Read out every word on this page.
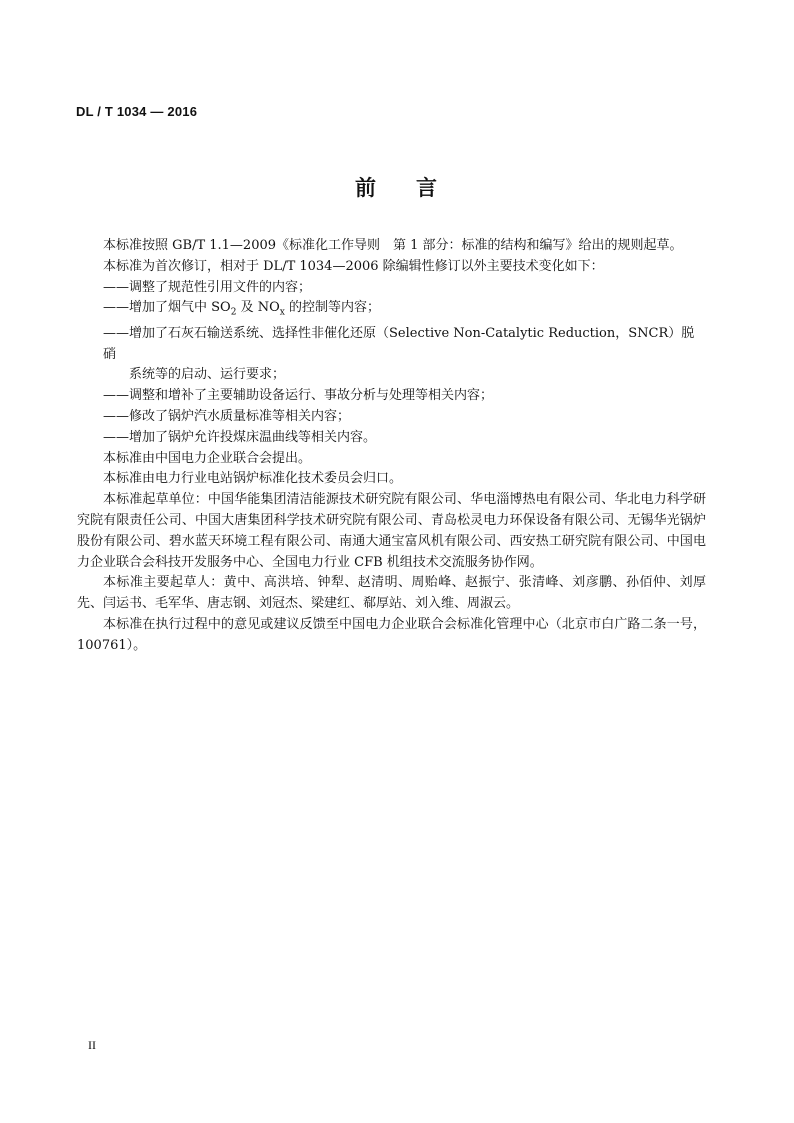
DL / T 1034 — 2016
前 言

本标准按照 GB/T 1.1—2009《标准化工作导则　第 1 部分：标准的结构和编写》给出的规则起草。

本标准为首次修订，相对于 DL/T 1034—2006 除编辑性修订以外主要技术变化如下：

——调整了规范性引用文件的内容；

——增加了烟气中 $SO_2$ 及 $NO_x$ 的控制等内容；

——增加了石灰石输送系统、选择性非催化还原（Selective Non-Catalytic Reduction，SNCR）脱硝
系统等的启动、运行要求；

——调整和增补了主要辅助设备运行、事故分析与处理等相关内容；

——修改了锅炉汽水质量标准等相关内容；

——增加了锅炉允许投煤床温曲线等相关内容。

本标准由中国电力企业联合会提出。

本标准由电力行业电站锅炉标准化技术委员会归口。

本标准起草单位：中国华能集团清洁能源技术研究院有限公司、华电淄博热电有限公司、华北电力科学研究院有限责任公司、中国大唐集团科学技术研究院有限公司、青岛松灵电力环保设备有限公司、无锡华光锅炉股份有限公司、碧水蓝天环境工程有限公司、南通大通宝富风机有限公司、西安热工研究院有限公司、中国电力企业联合会科技开发服务中心、全国电力行业 CFB 机组技术交流服务协作网。

本标准主要起草人：黄中、高洪培、钟犁、赵清明、周贻峰、赵振宁、张清峰、刘彦鹏、孙佰仲、刘厚先、闫运书、毛军华、唐志钢、刘冠杰、梁建红、郗厚站、刘入维、周淑云。

本标准在执行过程中的意见或建议反馈至中国电力企业联合会标准化管理中心（北京市白广路二条一号，100761）。

II
